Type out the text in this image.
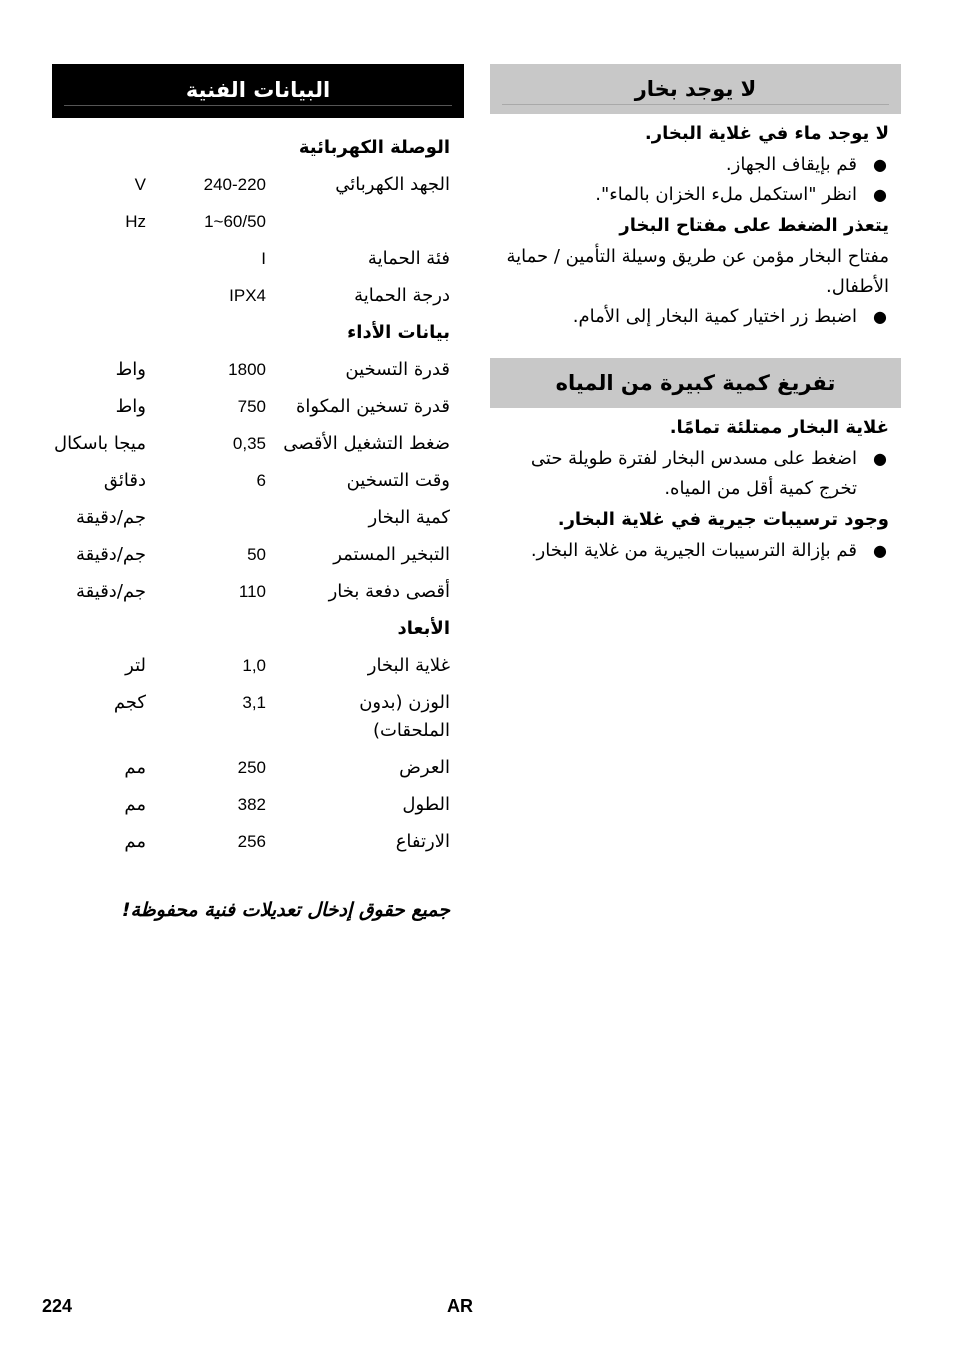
لا يوجد بخار
لا يوجد ماء في غلاية البخار.
●
قم بإيقاف الجهاز.
●
انظر "استكمل ملء الخزان بالماء".
يتعذر الضغط على مفتاح البخار
مفتاح البخار مؤمن عن طريق وسيلة التأمين / حماية الأطفال.
●
اضبط زر اختيار كمية البخار إلى الأمام.
تفريغ كمية كبيرة من المياه
غلاية البخار ممتلئة تمامًا.
●
اضغط على مسدس البخار لفترة طويلة حتى تخرج كمية أقل من المياه.
وجود ترسيبات جيرية في غلاية البخار.
●
قم بإزالة الترسيبات الجيرية من غلاية البخار.
البيانات الفنية
الوصلة الكهربائية		
V	240-220	الجهد الكهربائي
Hz	1~60/50	
	I	فئة الحماية
	IPX4	درجة الحماية
بيانات الأداء		
واط	1800	قدرة التسخين
واط	750	قدرة تسخين المكواة
ميجا باسكال	0,35	ضغط التشغيل الأقصى
دقائق	6	وقت التسخين
جم/دقيقة		كمية البخار
جم/دقيقة	50	التبخير المستمر
جم/دقيقة	110	أقصى دفعة بخار
الأبعاد		
لتر	1,0	غلاية البخار
كجم	3,1	الوزن (بدون الملحقات)
مم	250	العرض
مم	382	الطول
مم	256	الارتفاع
جميع حقوق إدخال تعديلات فنية محفوظة!
224	AR
